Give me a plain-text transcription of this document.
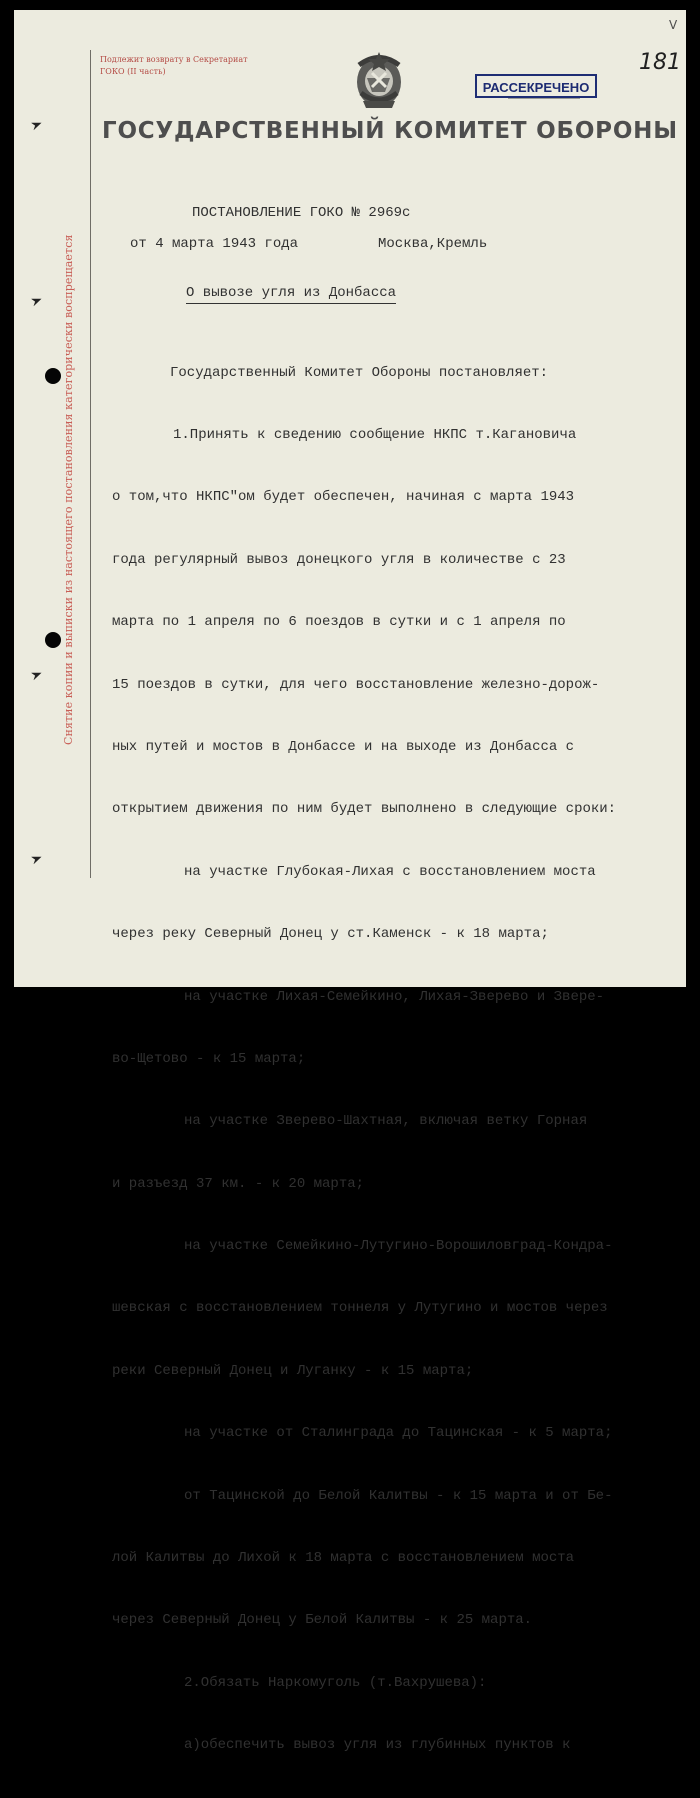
Подлежит возврату в Секретариат
ГОКО (II часть)
РАССЕКРЕЧЕНО
181
V
ГОСУДАРСТВЕННЫЙ КОМИТЕТ ОБОРОНЫ
Снятие копии и выписки из настоящего постановления категорически воспрещается
ПОСТАНОВЛЕНИЕ ГОКО № 2969с
от 4 марта 1943 года	Москва,Кремль
О вывозе угля из Донбасса

Государственный Комитет Обороны постановляет:

1.Принять к сведению сообщение НКПС т.Кагановича

о том,что НКПС"ом будет обеспечен, начиная с марта 1943

года регулярный вывоз донецкого угля в количестве с 23

марта по 1 апреля по 6 поездов в сутки и с 1 апреля по

15 поездов в сутки, для чего восстановление железно-дорож-

ных путей и мостов в Донбассе и на выходе из Донбасса с

открытием движения по ним будет выполнено в следующие сроки:

на участке Глубокая-Лихая с восстановлением моста

через реку Северный Донец у ст.Каменск - к 18 марта;

на участке Лихая-Семейкино, Лихая-Зверево и Звере-

во-Щетово - к 15 марта;

на участке Зверево-Шахтная, включая ветку Горная

и разъезд 37 км. - к 20 марта;

на участке Семейкино-Лутугино-Ворошиловград-Кондра-

шевская с восстановлением тоннеля у Лутугино и мостов через

реки Северный Донец и Луганку - к 15 марта;

на участке от Сталинграда до Тацинская - к 5 марта;

от Тацинской до Белой Калитвы - к 15 марта и от Бе-

лой Калитвы до Лихой к 18 марта с восстановлением моста

через Северный Донец у Белой Калитвы - к 25 марта.

2.Обязать Наркомуголь (т.Вахрушева):

а)обеспечить вывоз угля из глубинных пунктов к
